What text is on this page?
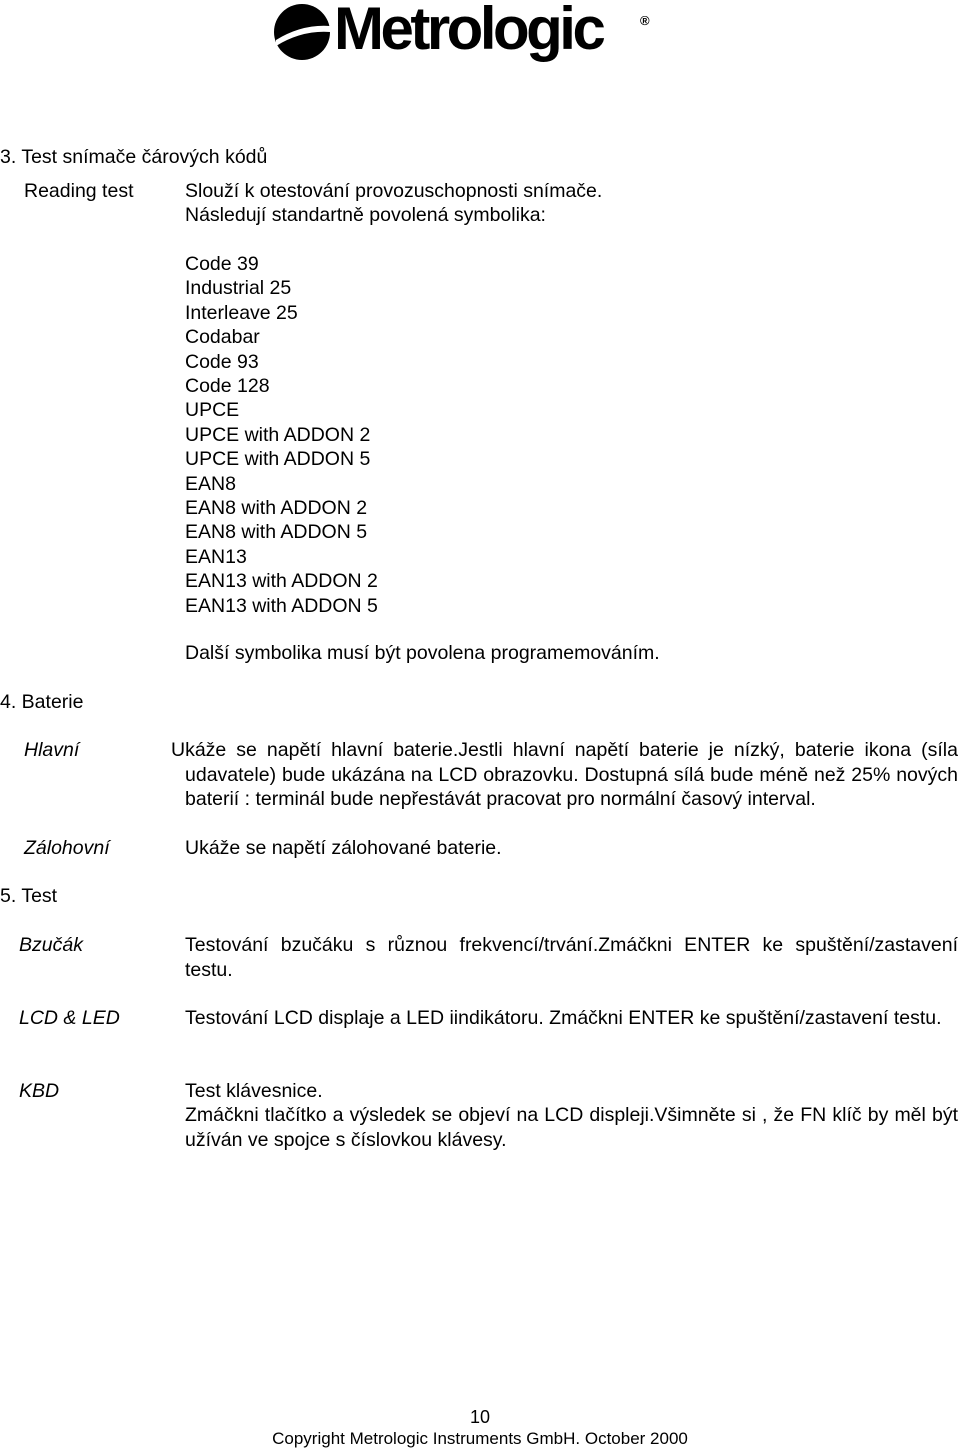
Metrologic	®
3. Test snímače čárových kódů
Reading test	Slouží k otestování provozuschopnosti snímače.
Následují standartně povolená symbolika:
Code 39
Industrial 25
Interleave 25
Codabar
Code 93
Code 128
UPCE
UPCE with ADDON 2
UPCE with ADDON 5
EAN8
EAN8 with ADDON 2
EAN8 with ADDON 5
EAN13
EAN13 with ADDON 2
EAN13 with ADDON 5
Další symbolika musí být povolena programemováním.
4. Baterie
Hlavní	Ukáže se napětí hlavní baterie.Jestli hlavní napětí baterie je nízký, baterie ikona (síla udavatele) bude ukázána na LCD obrazovku. Dostupná sílá bude méně než 25% nových baterií : terminál bude nepřestávát pracovat pro normální časový interval.
Zálohovní	Ukáže se napětí zálohované baterie.
5. Test
Bzučák	Testování bzučáku s různou frekvencí/trvání.Zmáčkni ENTER ke spuštění/zastavení testu.
LCD & LED	Testování LCD displaje a LED iindikátoru. Zmáčkni ENTER ke spuštění/zastavení testu.
KBD	Test klávesnice.
Zmáčkni tlačítko a výsledek se objeví na LCD displeji.Všimněte si , že FN klíč by měl být užíván ve spojce s číslovkou klávesy.
10
Copyright Metrologic Instruments GmbH. October 2000
